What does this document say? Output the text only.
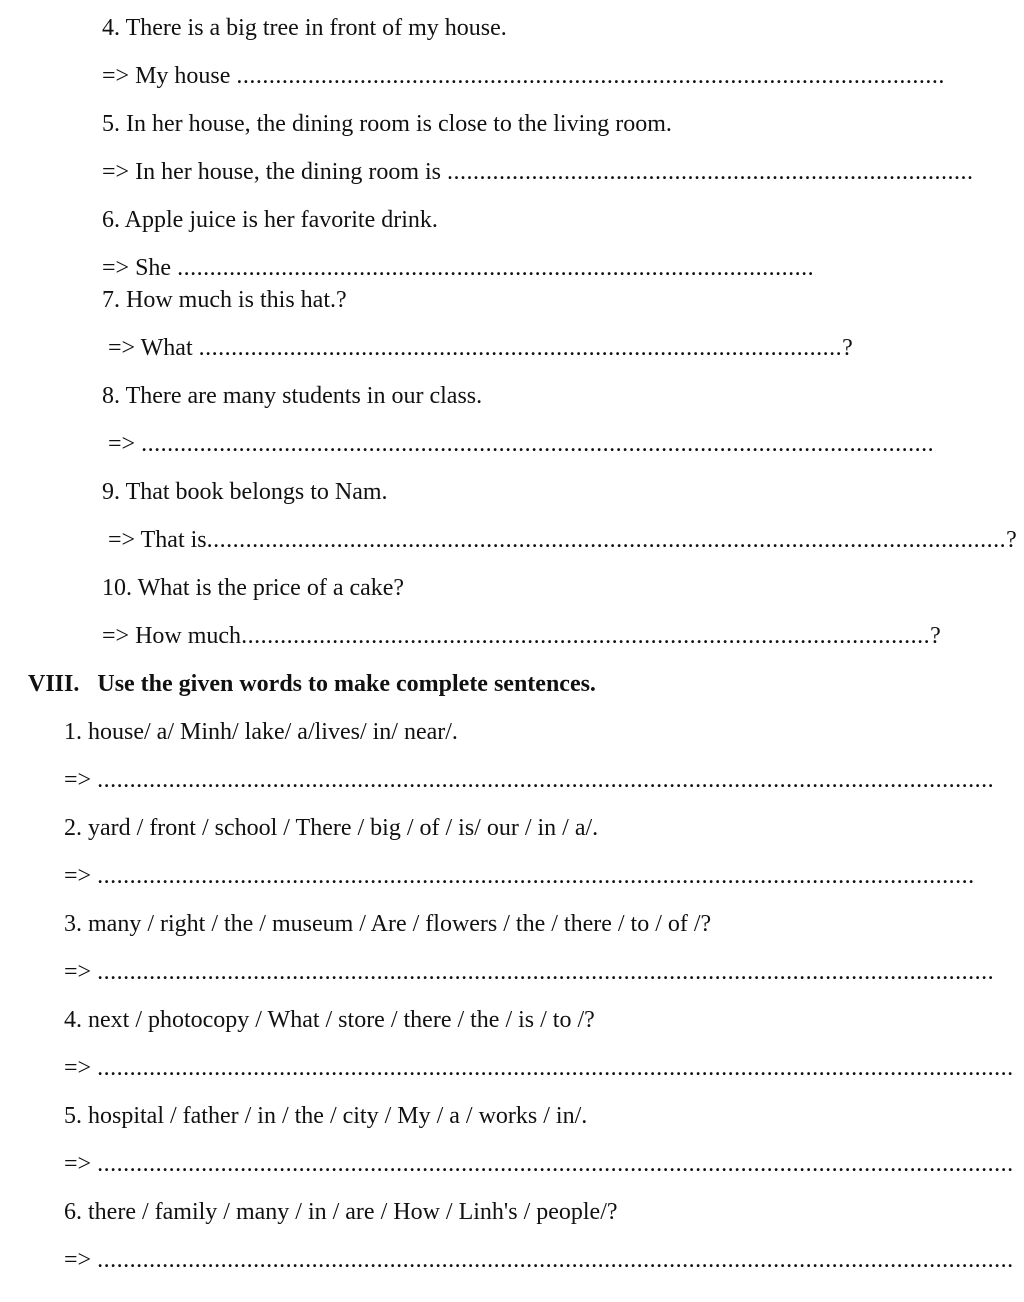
4. There is a big tree in front of my house.
=> My house .............................................................................................................
5. In her house, the dining room is close to the living room.
=> In her house, the dining room is .................................................................................
6. Apple juice is her favorite drink.
=> She ..................................................................................................
7. How much is this hat.?
=> What ...................................................................................................?
8. There are many students in our class.
=> ..........................................................................................................................
9. That book belongs to Nam.
=> That is...........................................................................................................................?
10. What is the price of a cake?
=> How much..........................................................................................................?
VIII. Use the given words to make complete sentences.
1. house/ a/ Minh/ lake/ a/lives/ in/ near/.
=> ..........................................................................................................................................
2. yard / front / school / There / big / of / is/ our / in / a/.
=> .......................................................................................................................................
3. many / right / the / museum / Are / flowers / the / there / to / of /?
=> ..........................................................................................................................................
4. next / photocopy / What / store / there / the / is / to /?
=> .............................................................................................................................................
5. hospital / father / in / the / city / My / a / works / in/.
=> .............................................................................................................................................
6. there / family / many / in / are / How / Linh's / people/?
=> .............................................................................................................................................
